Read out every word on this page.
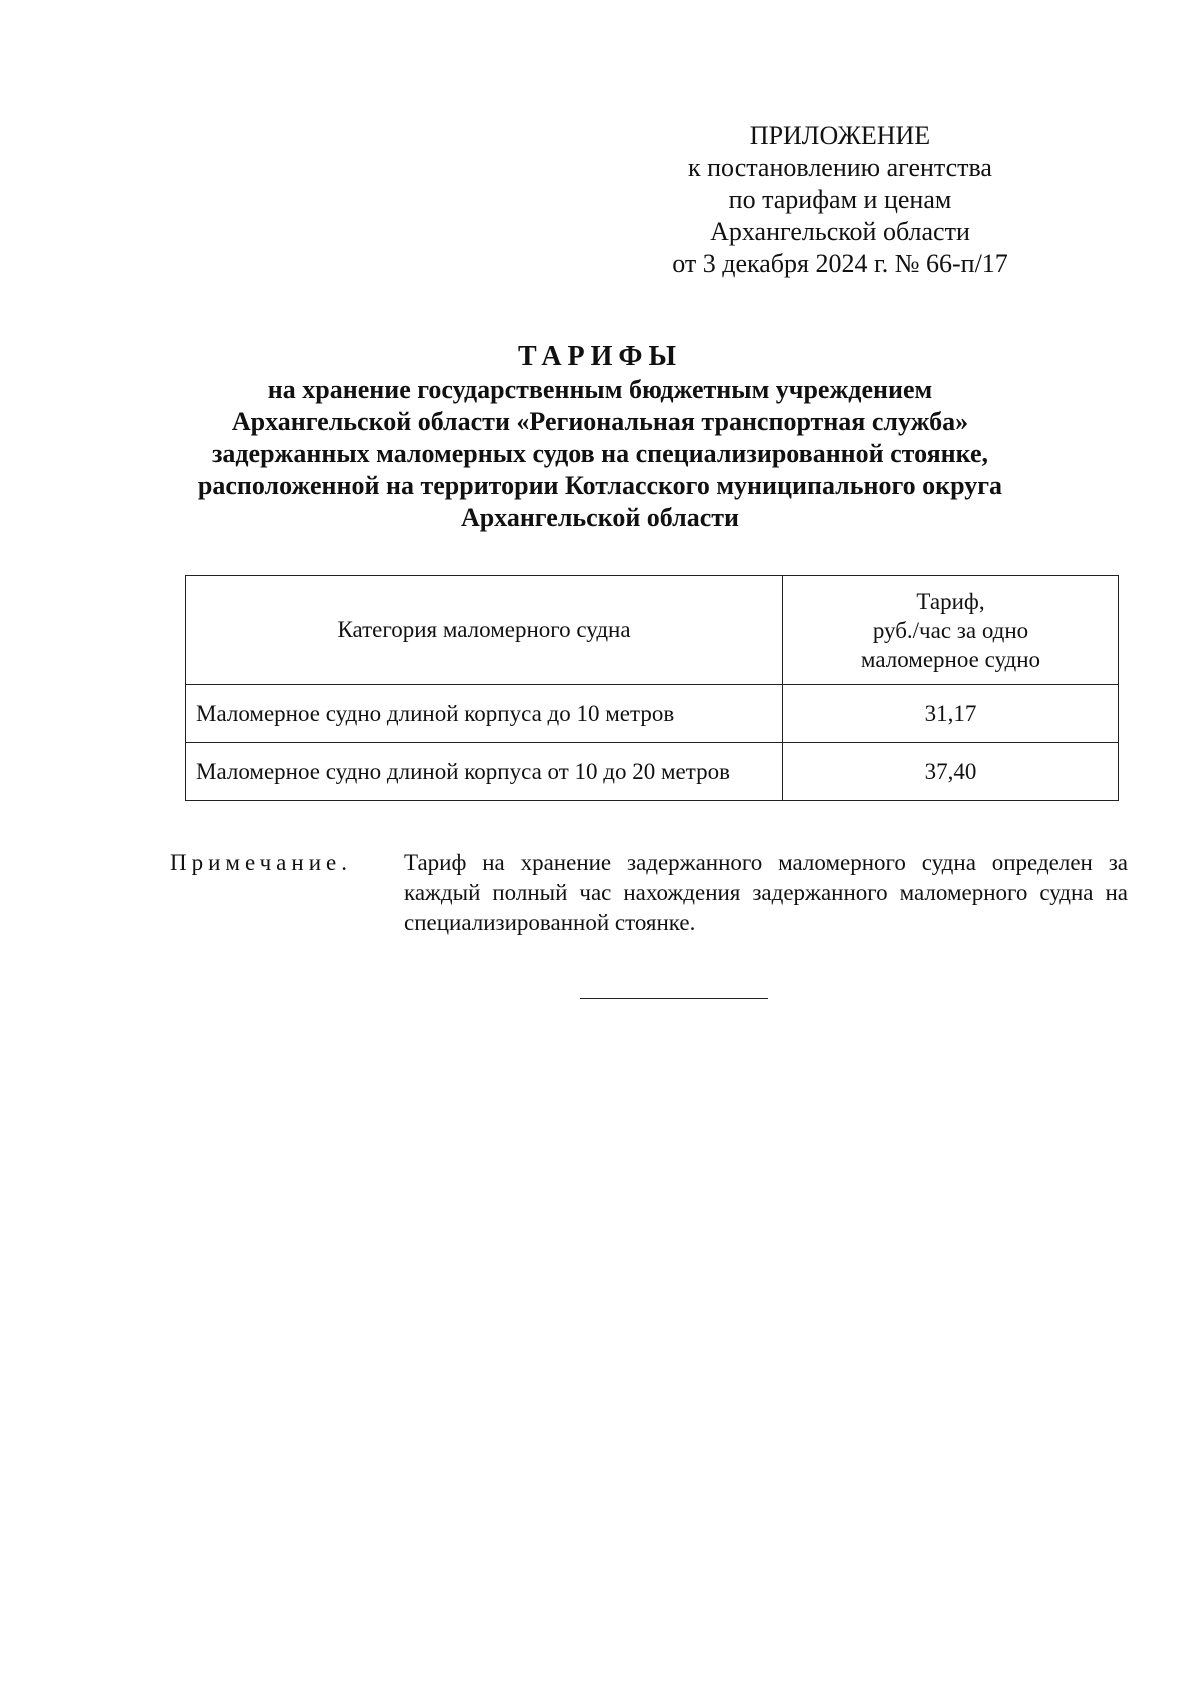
ПРИЛОЖЕНИЕ
к постановлению агентства
по тарифам и ценам
Архангельской области
от 3 декабря 2024 г. № 66-п/17
ТАРИФЫ
на хранение государственным бюджетным учреждением
Архангельской области «Региональная транспортная служба»
задержанных маломерных судов на специализированной стоянке,
расположенной на территории Котласского муниципального округа
Архангельской области
Категория маломерного судна	Тариф,
руб./час за одно
маломерное судно

Маломерное судно длиной корпуса до 10 метров	31,17
Маломерное судно длиной корпуса от 10 до 20 метров	37,40
Примечание. Тариф на хранение задержанного маломерного судна определен за каждый полный час нахождения задержанного маломерного судна на специализированной стоянке.
